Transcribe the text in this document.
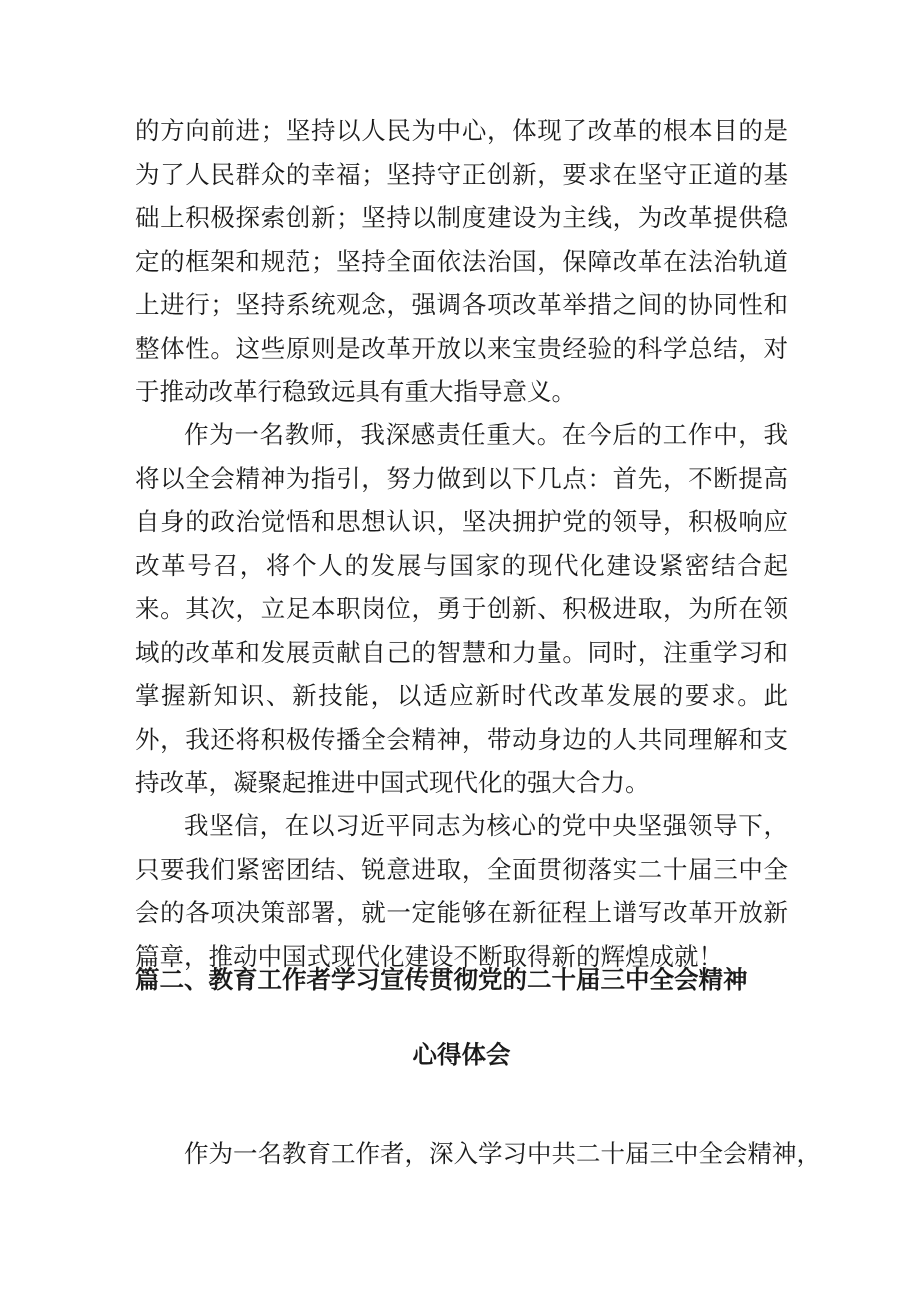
的方向前进；坚持以人民为中心，体现了改革的根本目的是为了人民群众的幸福；坚持守正创新，要求在坚守正道的基础上积极探索创新；坚持以制度建设为主线，为改革提供稳定的框架和规范；坚持全面依法治国，保障改革在法治轨道上进行；坚持系统观念，强调各项改革举措之间的协同性和整体性。这些原则是改革开放以来宝贵经验的科学总结，对于推动改革行稳致远具有重大指导意义。

作为一名教师，我深感责任重大。在今后的工作中，我将以全会精神为指引，努力做到以下几点：首先，不断提高自身的政治觉悟和思想认识，坚决拥护党的领导，积极响应改革号召，将个人的发展与国家的现代化建设紧密结合起来。其次，立足本职岗位，勇于创新、积极进取，为所在领域的改革和发展贡献自己的智慧和力量。同时，注重学习和掌握新知识、新技能，以适应新时代改革发展的要求。此外，我还将积极传播全会精神，带动身边的人共同理解和支持改革，凝聚起推进中国式现代化的强大合力。

我坚信，在以习近平同志为核心的党中央坚强领导下，只要我们紧密团结、锐意进取，全面贯彻落实二十届三中全会的各项决策部署，就一定能够在新征程上谱写改革开放新篇章，推动中国式现代化建设不断取得新的辉煌成就！

篇二、教育工作者学习宣传贯彻党的二十届三中全会精神
心得体会

作为一名教育工作者，深入学习中共二十届三中全会精神，
